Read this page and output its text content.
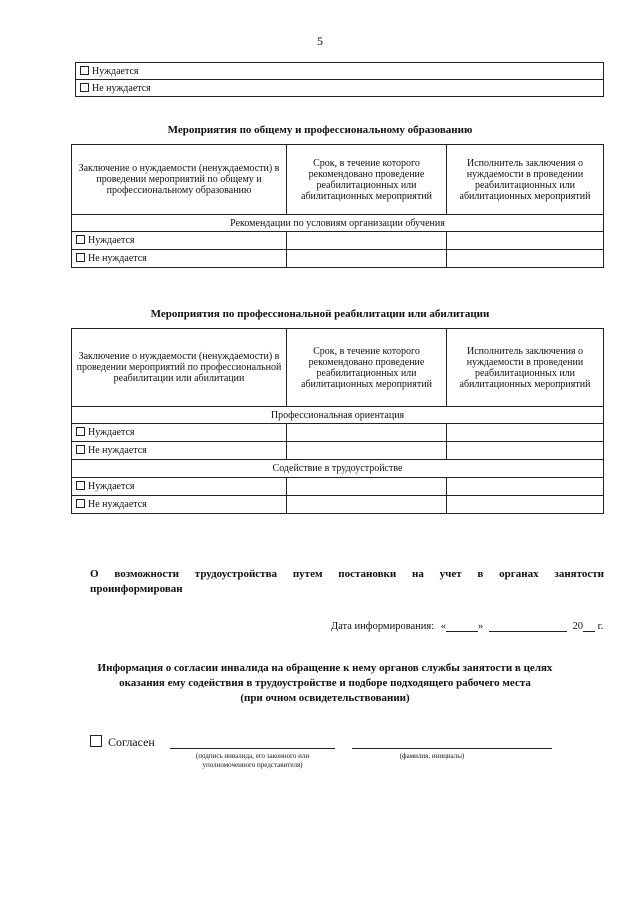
5
Нуждается
Не нуждается
Мероприятия по общему и профессиональному образованию
Заключение о нуждаемости (ненуждаемости) в проведении мероприятий по общему и профессиональному образованию	Срок, в течение которого рекомендовано проведение реабилитационных или абилитационных мероприятий	Исполнитель заключения о нуждаемости в проведении реабилитационных или абилитационных мероприятий
Рекомендации по условиям организации обучения		
Нуждается		
Не нуждается		
Мероприятия по профессиональной реабилитации или абилитации
Заключение о нуждаемости (ненуждаемости) в проведении мероприятий по профессиональной реабилитации или абилитации	Срок, в течение которого рекомендовано проведение реабилитационных или абилитационных мероприятий	Исполнитель заключения о нуждаемости в проведении реабилитационных или абилитационных мероприятий
Профессиональная ориентация		
Нуждается		
Не нуждается		
Содействие в трудоустройстве		
Нуждается		
Не нуждается		
О возможности трудоустройства путем постановки на учет в органах занятости
проинформирован
Дата информирования: «	»	20 г.
Информация о согласии инвалида на обращение к нему органов службы занятости в целях
оказания ему содействия в трудоустройстве и подборе подходящего рабочего места
(при очном освидетельствовании)
Согласен
(подпись инвалида, его законного или
уполномоченного представителя)
(фамилия, инициалы)
